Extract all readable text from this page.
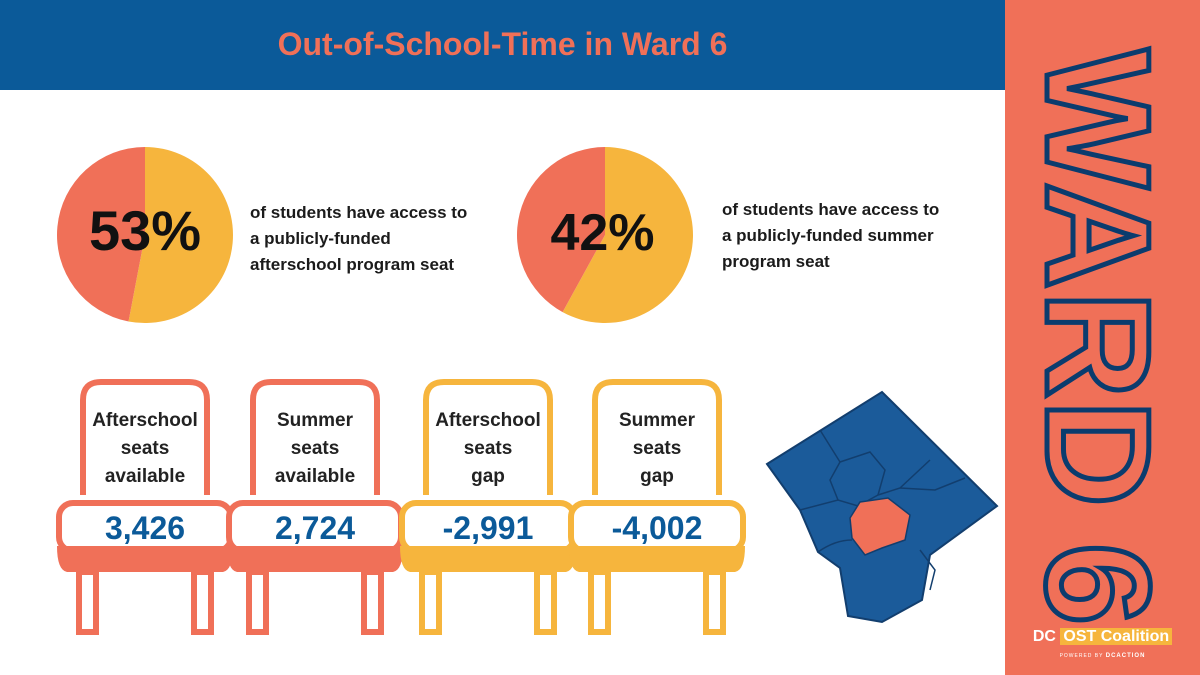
Out-of-School-Time in Ward 6
53%	of students have access to
a publicly-funded
afterschool program seat
42%	of students have access to
a publicly-funded summer
program seat
Afterschool
seats
available
3,426
Summer
seats
available
2,724
Afterschool
seats
gap
-2,991
Summer
seats
gap
-4,002
WARD6
DC OST Coalition
POWERED BY DCACTION
